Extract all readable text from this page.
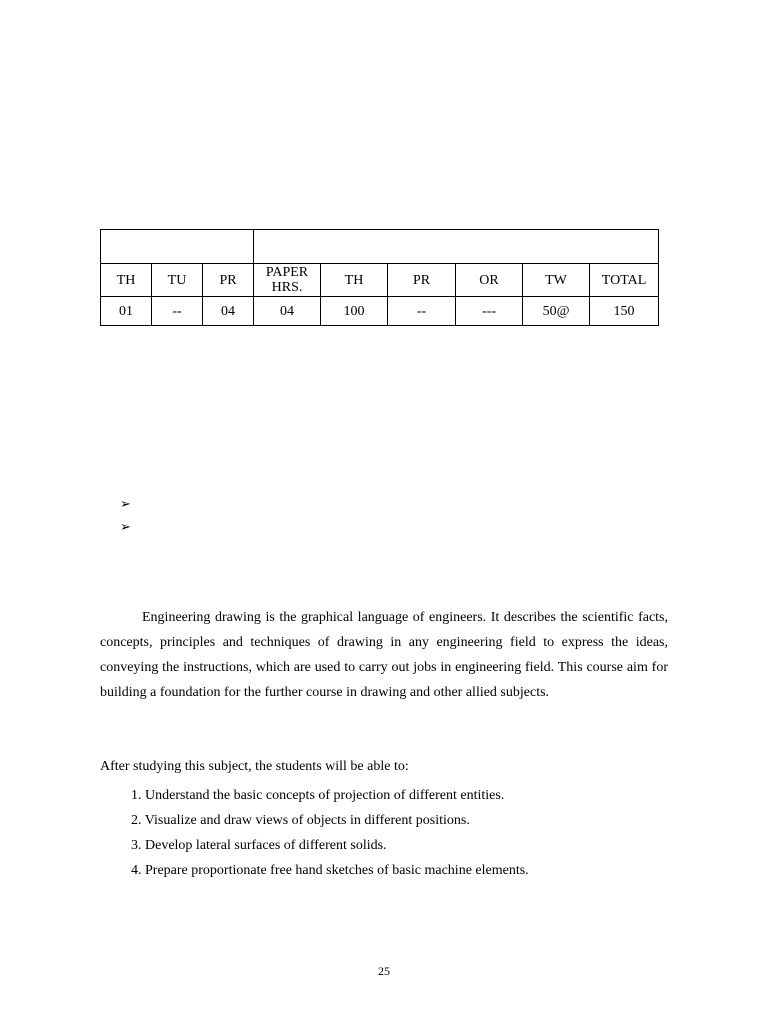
TH	TU	PR	PAPER HRS.	TH	PR	OR	TW	TOTAL
01	--	04	04	100	--	---	50@	150
➢
➢

Engineering drawing is the graphical language of engineers. It describes the scientific facts, concepts, principles and techniques of drawing in any engineering field to express the ideas, conveying the instructions, which are used to carry out jobs in engineering field. This course aim for building a foundation for the further course in drawing and other allied subjects.

After studying this subject, the students will be able to:
1. Understand the basic concepts of projection of different entities.
2. Visualize and draw views of objects in different positions.
3. Develop lateral surfaces of different solids.
4. Prepare proportionate free hand sketches of basic machine elements.
25
